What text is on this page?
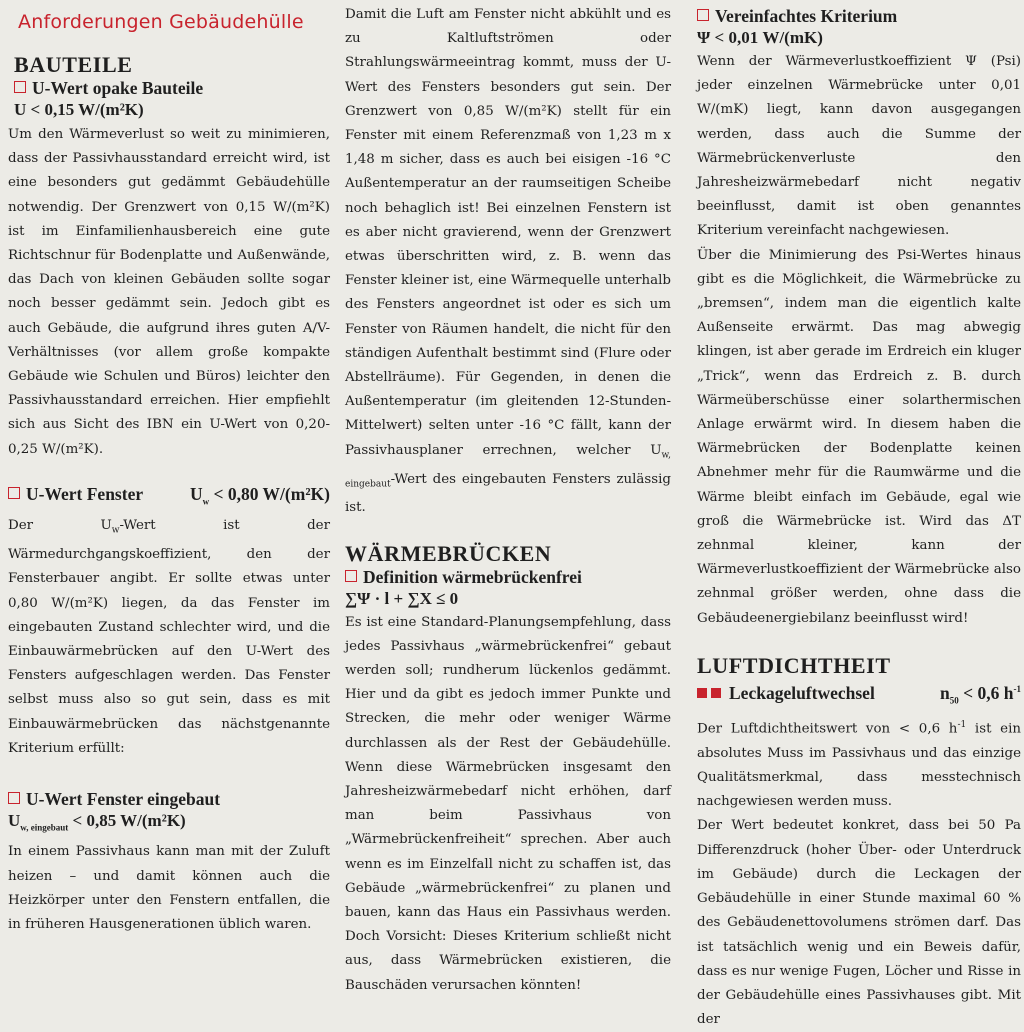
Anforderungen Gebäudehülle
BAUTEILE
U-Wert opake Bauteile
U < 0,15 W/(m²K)

Um den Wärmeverlust so weit zu minimieren, dass der Passivhausstandard erreicht wird, ist eine besonders gut gedämmt Gebäudehülle notwendig. Der Grenzwert von 0,15 W/(m²K) ist im Einfamilienhausbereich eine gute Richtschnur für Bodenplatte und Außenwände, das Dach von kleinen Gebäuden sollte sogar noch besser gedämmt sein. Jedoch gibt es auch Gebäude, die aufgrund ihres guten A/V-Verhältnisses (vor allem große kompakte Gebäude wie Schulen und Büros) leichter den Passivhausstandard erreichen. Hier empfiehlt sich aus Sicht des IBN ein U-Wert von 0,20-0,25 W/(m²K).

U-Wert Fenster	$U_w < 0,80$ W/(m²K)

Der $U_w$-Wert ist der Wärmedurchgangskoeffizient, den der Fensterbauer angibt. Er sollte etwas unter 0,80 W/(m²K) liegen, da das Fenster im eingebauten Zustand schlechter wird, und die Einbauwärmebrücken auf den U-Wert des Fensters aufgeschlagen werden. Das Fenster selbst muss also so gut sein, dass es mit Einbauwärmebrücken das nächstgenannte Kriterium erfüllt:

U-Wert Fenster eingebaut
$U_{w, eingebaut} < 0,85$ W/(m²K)

In einem Passivhaus kann man mit der Zuluft heizen – und damit können auch die Heizkörper unter den Fenstern entfallen, die in früheren Hausgenerationen üblich waren.

Damit die Luft am Fenster nicht abkühlt und es zu Kaltluftströmen oder Strahlungswärmeeintrag kommt, muss der U-Wert des Fensters besonders gut sein. Der Grenzwert von 0,85 W/(m²K) stellt für ein Fenster mit einem Referenzmaß von 1,23 m x 1,48 m sicher, dass es auch bei eisigen -16 °C Außentemperatur an der raumseitigen Scheibe noch behaglich ist! Bei einzelnen Fenstern ist es aber nicht gravierend, wenn der Grenzwert etwas überschritten wird, z. B. wenn das Fenster kleiner ist, eine Wärmequelle unterhalb des Fensters angeordnet ist oder es sich um Fenster von Räumen handelt, die nicht für den ständigen Aufenthalt bestimmt sind (Flure oder Abstellräume). Für Gegenden, in denen die Außentemperatur (im gleitenden 12-Stunden-Mittelwert) selten unter -16 °C fällt, kann der Passivhausplaner errechnen, welcher $U_{w, eingebaut}$-Wert des eingebauten Fensters zulässig ist.

WÄRMEBRÜCKEN
Definition wärmebrückenfrei
∑Ψ · l + ∑Χ ≤ 0

Es ist eine Standard-Planungsempfehlung, dass jedes Passivhaus „wärmebrückenfrei“ gebaut werden soll; rundherum lückenlos gedämmt. Hier und da gibt es jedoch immer Punkte und Strecken, die mehr oder weniger Wärme durchlassen als der Rest der Gebäudehülle. Wenn diese Wärmebrücken insgesamt den Jahresheizwärmebedarf nicht erhöhen, darf man beim Passivhaus von „Wärmebrückenfreiheit“ sprechen. Aber auch wenn es im Einzelfall nicht zu schaffen ist, das Gebäude „wärmebrückenfrei“ zu planen und bauen, kann das Haus ein Passivhaus werden. Doch Vorsicht: Dieses Kriterium schließt nicht aus, dass Wärmebrücken existieren, die Bauschäden verursachen könnten!

Vereinfachtes Kriterium
Ψ < 0,01 W/(mK)

Wenn der Wärmeverlustkoeffizient Ψ (Psi) jeder einzelnen Wärmebrücke unter 0,01 W/(mK) liegt, kann davon ausgegangen werden, dass auch die Summe der Wärmebrückenverluste den Jahresheizwärmebedarf nicht negativ beeinflusst, damit ist oben genanntes Kriterium vereinfacht nachgewiesen.

Über die Minimierung des Psi-Wertes hinaus gibt es die Möglichkeit, die Wärmebrücke zu „bremsen“, indem man die eigentlich kalte Außenseite erwärmt. Das mag abwegig klingen, ist aber gerade im Erdreich ein kluger „Trick“, wenn das Erdreich z. B. durch Wärmeüberschüsse einer solarthermischen Anlage erwärmt wird. In diesem haben die Wärmebrücken der Bodenplatte keinen Abnehmer mehr für die Raumwärme und die Wärme bleibt einfach im Gebäude, egal wie groß die Wärmebrücke ist. Wird das ΔT zehnmal kleiner, kann der Wärmeverlustkoeffizient der Wärmebrücke also zehnmal größer werden, ohne dass die Gebäudeenergiebilanz beeinflusst wird!

LUFTDICHTHEIT
Leckageluftwechsel	$n_{50} < 0,6$ $h^{-1}$

Der Luftdichtheitswert von < 0,6 $h^{-1}$ ist ein absolutes Muss im Passivhaus und das einzige Qualitätsmerkmal, dass messtechnisch nachgewiesen werden muss.

Der Wert bedeutet konkret, dass bei 50 Pa Differenzdruck (hoher Über- oder Unterdruck im Gebäude) durch die Leckagen der Gebäudehülle in einer Stunde maximal 60 % des Gebäudenettovolumens strömen darf. Das ist tatsächlich wenig und ein Beweis dafür, dass es nur wenige Fugen, Löcher und Risse in der Gebäudehülle eines Passivhauses gibt. Mit der
